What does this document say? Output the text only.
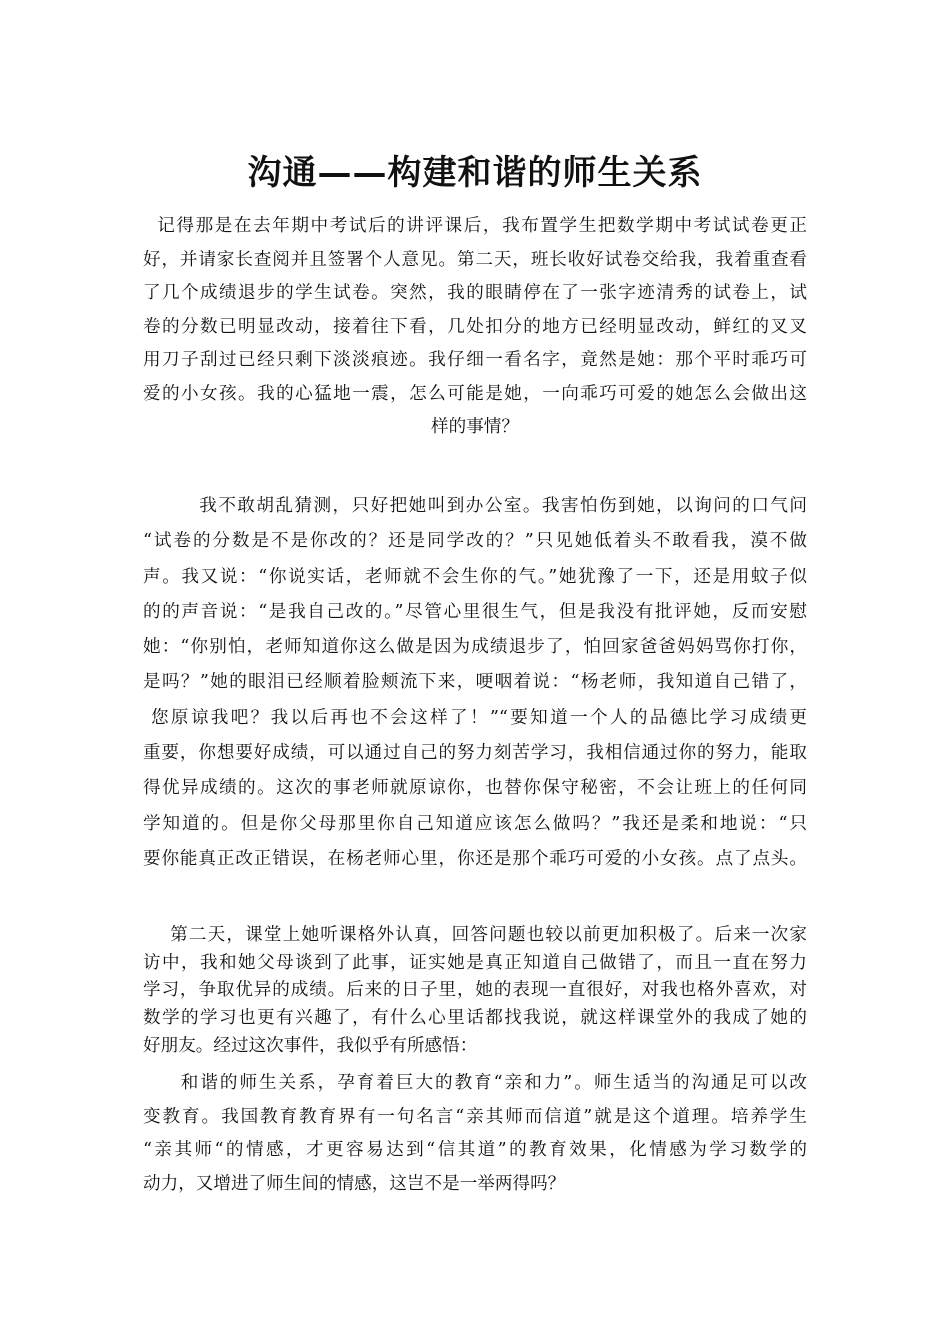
沟通——构建和谐的师生关系
记得那是在去年期中考试后的讲评课后，我布置学生把数学期中考试试卷更正
好，并请家长查阅并且签署个人意见。第二天，班长收好试卷交给我，我着重查看
了几个成绩退步的学生试卷。突然，我的眼睛停在了一张字迹清秀的试卷上，试
卷的分数已明显改动，接着往下看，几处扣分的地方已经明显改动，鲜红的叉叉
用刀子刮过已经只剩下淡淡痕迹。我仔细一看名字，竟然是她：那个平时乖巧可
爱的小女孩。我的心猛地一震，怎么可能是她，一向乖巧可爱的她怎么会做出这
样的事情？
我不敢胡乱猜测，只好把她叫到办公室。我害怕伤到她，以询问的口气问
“试卷的分数是不是你改的？还是同学改的？”只见她低着头不敢看我，漠不做
声。我又说：“你说实话，老师就不会生你的气。”她犹豫了一下，还是用蚊子似
的的声音说：“是我自己改的。”尽管心里很生气，但是我没有批评她，反而安慰
她：“你别怕，老师知道你这么做是因为成绩退步了，怕回家爸爸妈妈骂你打你，
是吗？”她的眼泪已经顺着脸颊流下来，哽咽着说：“杨老师，我知道自己错了，
您原谅我吧？我以后再也不会这样了！”“要知道一个人的品德比学习成绩更
重要，你想要好成绩，可以通过自己的努力刻苦学习，我相信通过你的努力，能取
得优异成绩的。这次的事老师就原谅你，也替你保守秘密，不会让班上的任何同
学知道的。但是你父母那里你自己知道应该怎么做吗？”我还是柔和地说：“只
要你能真正改正错误，在杨老师心里，你还是那个乖巧可爱的小女孩。点了点头。
第二天，课堂上她听课格外认真，回答问题也较以前更加积极了。后来一次家
访中，我和她父母谈到了此事，证实她是真正知道自己做错了，而且一直在努力
学习，争取优异的成绩。后来的日子里，她的表现一直很好，对我也格外喜欢，对
数学的学习也更有兴趣了，有什么心里话都找我说，就这样课堂外的我成了她的
好朋友。经过这次事件，我似乎有所感悟：
和谐的师生关系，孕育着巨大的教育“亲和力”。师生适当的沟通足可以改
变教育。我国教育教育界有一句名言“亲其师而信道”就是这个道理。培养学生
“亲其师“的情感，才更容易达到“信其道”的教育效果，化情感为学习数学的
动力，又增进了师生间的情感，这岂不是一举两得吗？
